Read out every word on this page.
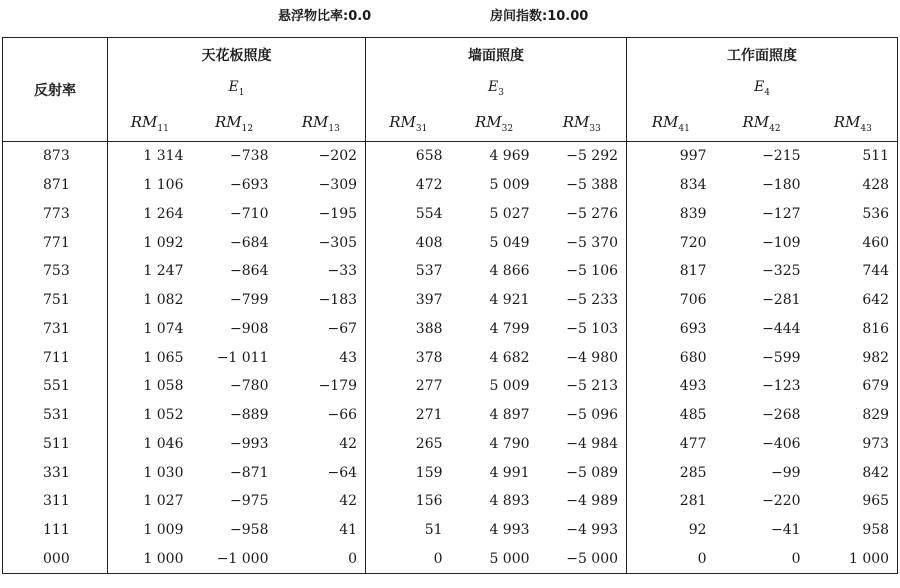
悬浮物比率:0.0	房间指数:10.00
反射率	天花板照度			墙面照度			工作面照度		
	$E_1$			$E_3$			$E_4$
	$RM_{11}$	$RM_{12}$	$RM_{13}$	$RM_{31}$	$RM_{32}$	$RM_{33}$	$RM_{41}$	$RM_{42}$	$RM_{43}$
873	1 314	−738	−202	658	4 969	−5 292	997	−215	511
871	1 106	−693	−309	472	5 009	−5 388	834	−180	428
773	1 264	−710	−195	554	5 027	−5 276	839	−127	536
771	1 092	−684	−305	408	5 049	−5 370	720	−109	460
753	1 247	−864	−33	537	4 866	−5 106	817	−325	744
751	1 082	−799	−183	397	4 921	−5 233	706	−281	642
731	1 074	−908	−67	388	4 799	−5 103	693	−444	816
711	1 065	−1 011	43	378	4 682	−4 980	680	−599	982
551	1 058	−780	−179	277	5 009	−5 213	493	−123	679
531	1 052	−889	−66	271	4 897	−5 096	485	−268	829
511	1 046	−993	42	265	4 790	−4 984	477	−406	973
331	1 030	−871	−64	159	4 991	−5 089	285	−99	842
311	1 027	−975	42	156	4 893	−4 989	281	−220	965
111	1 009	−958	41	51	4 993	−4 993	92	−41	958
000	1 000	−1 000	0	0	5 000	−5 000	0	0	1 000
